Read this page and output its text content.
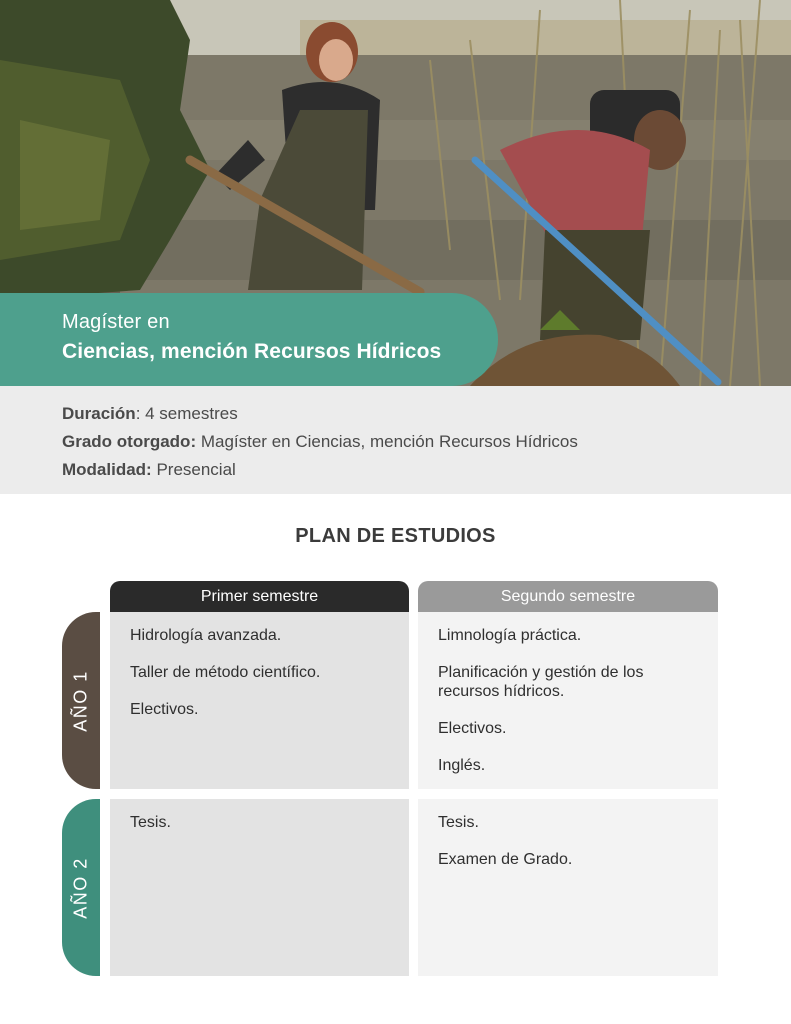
Magíster en
Ciencias, mención Recursos Hídricos
Duración: 4 semestres
Grado otorgado: Magíster en Ciencias, mención Recursos Hídricos
Modalidad: Presencial
PLAN DE ESTUDIOS
Primer semestre	Segundo semestre
AÑO 1
Hidrología avanzada.
Taller de método científico.
Electivos.
Limnología práctica.
Planificación y gestión de los recursos hídricos.
Electivos.
Inglés.
AÑO 2
Tesis.	Tesis.
Examen de Grado.
